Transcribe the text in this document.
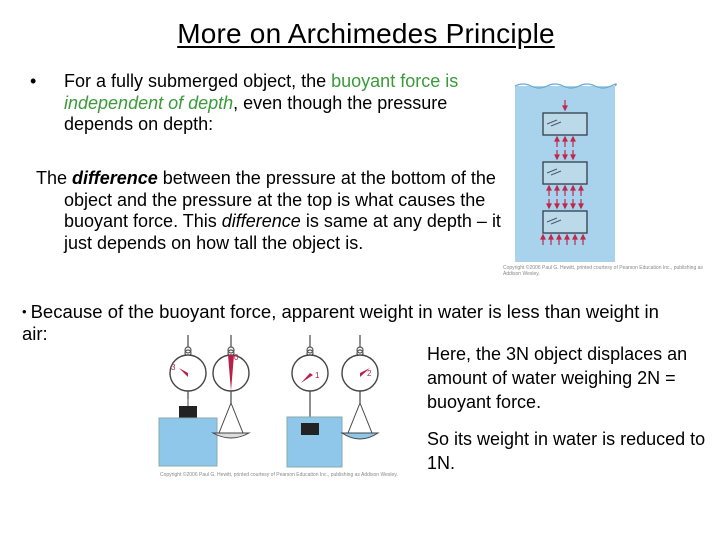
More on Archimedes Principle
• For a fully submerged object, the buoyant force is independent of depth, even though the pressure depends on depth:
The difference between the pressure at the bottom of the object and the pressure at the top is what causes the buoyant force. This difference is same at any depth – it just depends on how tall the object is.
• Because of the buoyant force, apparent weight in water is less than weight in air:
Here, the 3N object displaces an amount of water weighing 2N = buoyant force.
So its weight in water is reduced to 1N.
Copyright ©2006 Paul G. Hewitt, printed courtesy of Pearson Education Inc., publishing as Addison Wesley.
3
0
1	2
Copyright ©2006 Paul G. Hewitt, printed courtesy of Pearson Education Inc., publishing as Addison Wesley.
